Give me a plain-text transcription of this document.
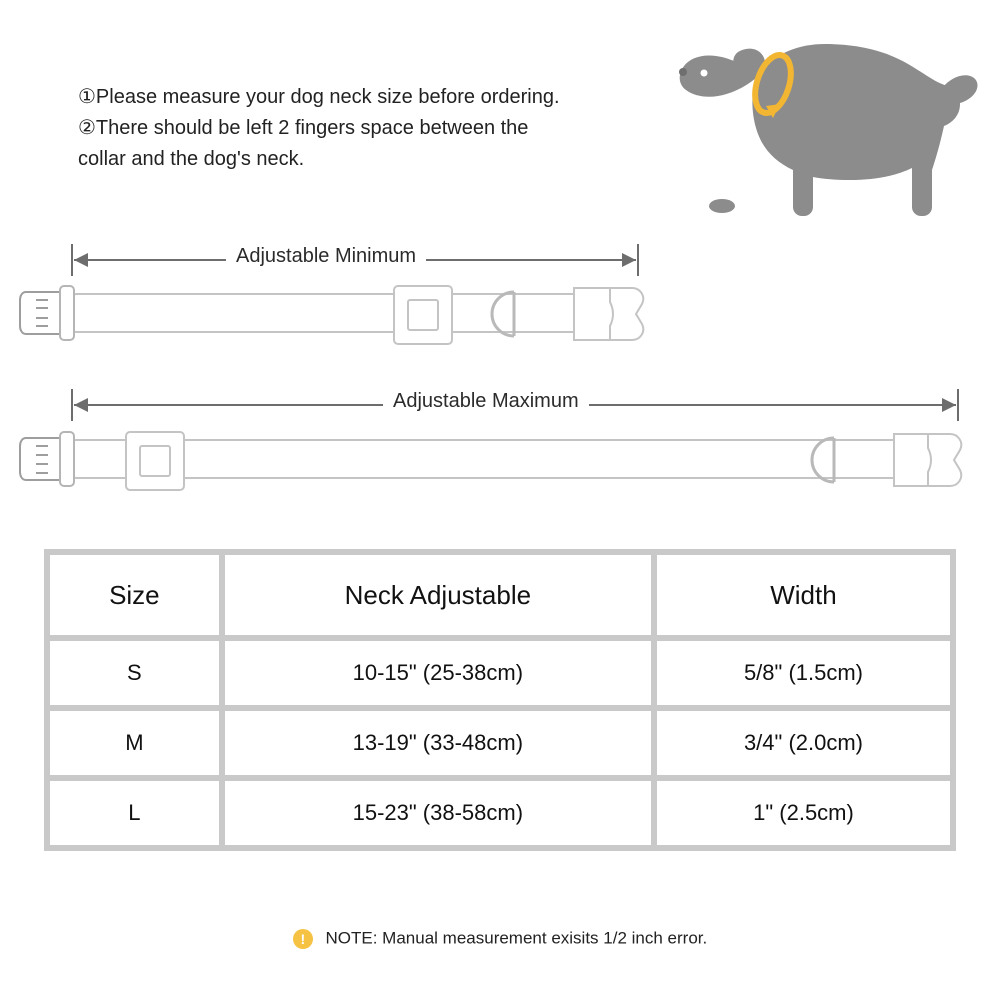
①Please measure your dog neck size before ordering.

②There should be left 2 fingers space between the

collar and the dog's neck.

Adjustable Minimum
Adjustable Maximum
Size	Neck Adjustable	Width
S	10-15" (25-38cm)	5/8" (1.5cm)
M	13-19" (33-48cm)	3/4" (2.0cm)
L	15-23" (38-58cm)	1" (2.5cm)
! NOTE: Manual measurement exisits 1/2 inch error.
